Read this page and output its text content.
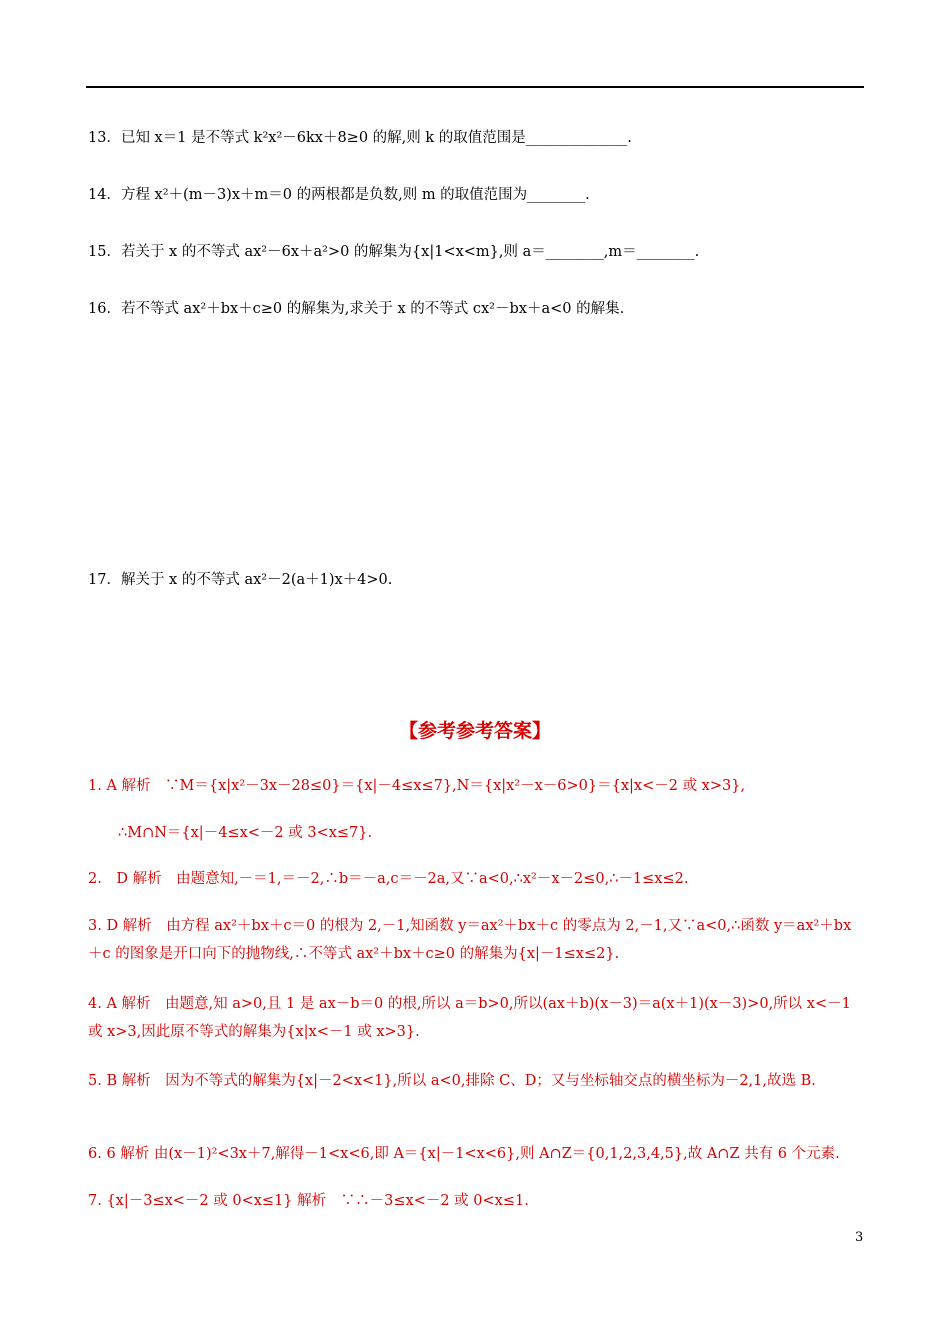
13．已知 x＝1 是不等式 k²x²－6kx＋8≥0 的解,则 k 的取值范围是______________.
14．方程 x²＋(m－3)x＋m＝0 的两根都是负数,则 m 的取值范围为________.
15．若关于 x 的不等式 ax²－6x＋a²>0 的解集为{x|1<x<m},则 a＝________,m＝________.
16．若不等式 ax²＋bx＋c≥0 的解集为,求关于 x 的不等式 cx²－bx＋a<0 的解集.
17．解关于 x 的不等式 ax²－2(a＋1)x＋4>0.
【参考参考答案】
1. A 解析　∵M＝{x|x²－3x－28≤0}＝{x|－4≤x≤7},N＝{x|x²－x－6>0}＝{x|x<－2 或 x>3},
∴M∩N＝{x|－4≤x<－2 或 3<x≤7}.
2.　D 解析　由题意知,－＝1,＝－2,∴b＝－a,c＝－2a,又∵a<0,∴x²－x－2≤0,∴－1≤x≤2.
3. D 解析　由方程 ax²＋bx＋c＝0 的根为 2,－1,知函数 y＝ax²＋bx＋c 的零点为 2,－1,又∵a<0,∴函数 y＝ax²＋bx＋c 的图象是开口向下的抛物线,∴不等式 ax²＋bx＋c≥0 的解集为{x|－1≤x≤2}.
4. A 解析　由题意,知 a>0,且 1 是 ax－b＝0 的根,所以 a＝b>0,所以(ax＋b)(x－3)＝a(x＋1)(x－3)>0,所以 x<－1 或 x>3,因此原不等式的解集为{x|x<－1 或 x>3}.
5. B 解析　因为不等式的解集为{x|－2<x<1},所以 a<0,排除 C、D；又与坐标轴交点的横坐标为－2,1,故选 B.
6. 6 解析 由(x－1)²<3x＋7,解得－1<x<6,即 A＝{x|－1<x<6},则 A∩Z＝{0,1,2,3,4,5},故 A∩Z 共有 6 个元素.
7. {x|－3≤x<－2 或 0<x≤1} 解析　∵∴－3≤x<－2 或 0<x≤1.
3
